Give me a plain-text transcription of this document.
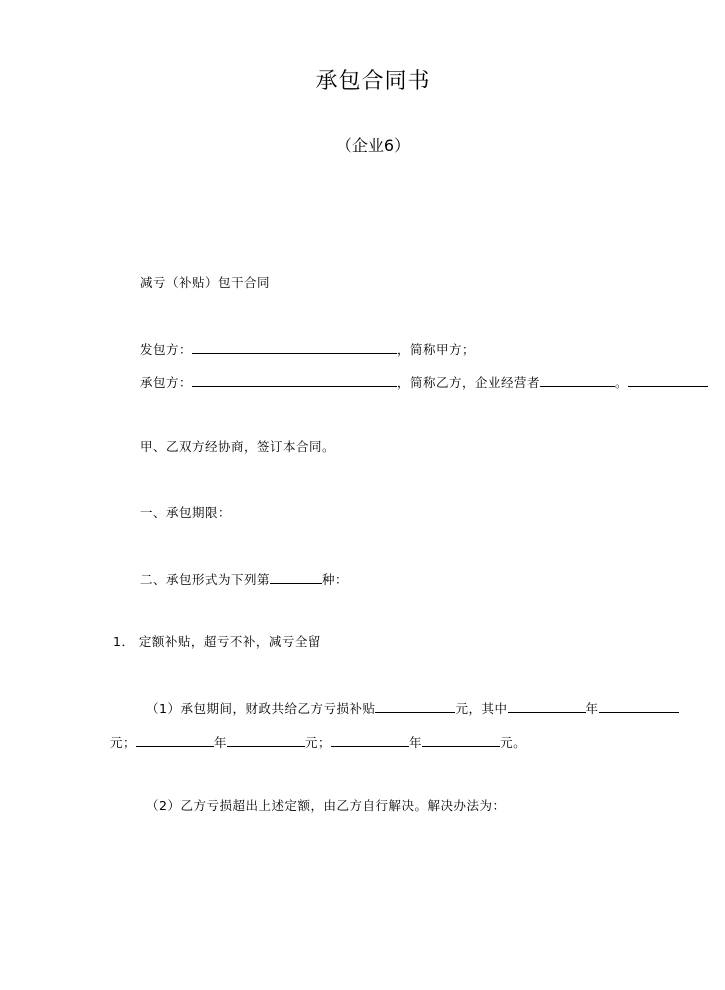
承包合同书
（企业6）
减亏（补贴）包干合同
发包方：	，简称甲方；
承包方：	，简称乙方，企业经营者	。
甲、乙双方经协商，签订本合同。
一、承包期限：
二、承包形式为下列第	种：
1． 定额补贴，超亏不补，减亏全留
（1）承包期间，财政共给乙方亏损补贴	元，其中	年
元；	年	元；	年	元。
（2）乙方亏损超出上述定额，由乙方自行解决。解决办法为：
